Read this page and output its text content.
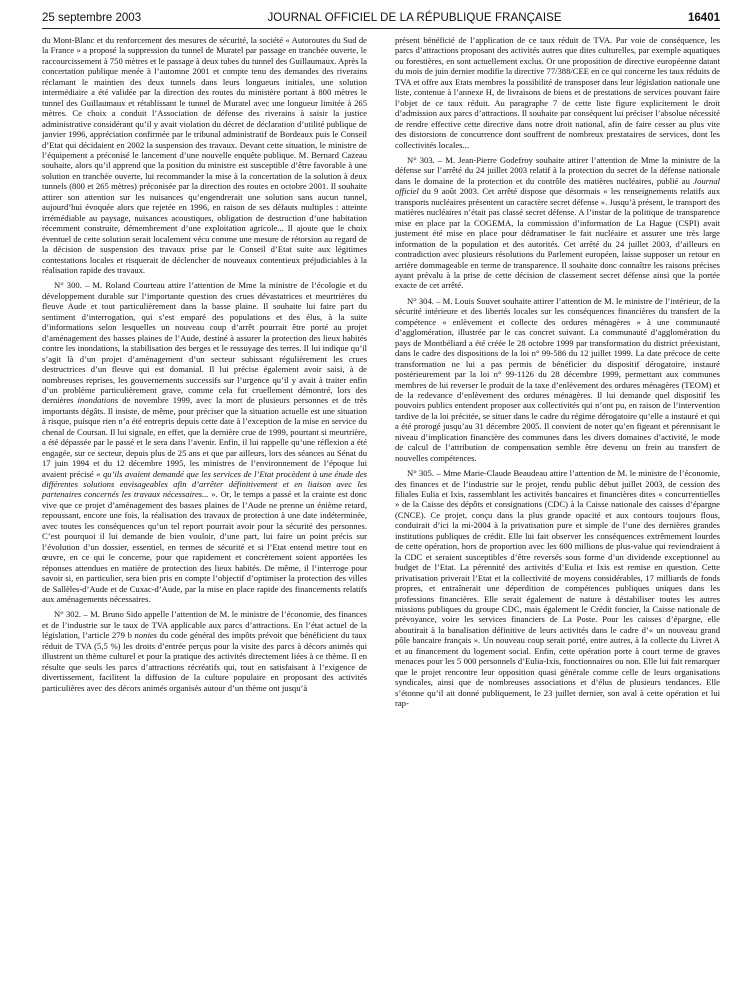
25 septembre 2003	JOURNAL OFFICIEL DE LA RÉPUBLIQUE FRANÇAISE	16401

du Mont-Blanc et du renforcement des mesures de sécurité, la société « Autoroutes du Sud de la France » a proposé la suppression du tunnel de Muratel par passage en tranchée ouverte, le raccourcissement à 750 mètres et le passage à deux tubes du tunnel des Guillaumaux. Après la concertation publique menée à l’automne 2001 et compte tenu des demandes des riverains réclamant le maintien des deux tunnels dans leurs longueurs initiales, une solution intermédiaire a été validée par la direction des routes du ministère portant à 800 mètres le tunnel des Guillaumaux et rétablissant le tunnel de Muratel avec une longueur limitée à 265 mètres. Ce choix a conduit l’Association de défense des riverains à saisir la justice administrative considérant qu’il y avait violation du décret de déclaration d’utilité publique de janvier 1996, appréciation confirmée par le tribunal administratif de Bordeaux puis le Conseil d’Etat qui décidaient en 2002 la suspension des travaux. Devant cette situation, le ministre de l’équipement a préconisé le lancement d’une nouvelle enquête publique. M. Bernard Cazeau souhaite, alors qu’il apprend que la position du ministre est susceptible d’être favorable à une solution en tranchée ouverte, lui recommander la mise à la concertation de la solution à deux tunnels (800 et 265 mètres) préconisée par la direction des routes en octobre 2001. Il souhaite attirer son attention sur les nuisances qu’engendrerait une solution sans aucun tunnel, aujourd’hui évoquée alors que rejetée en 1996, en raison de ses défauts multiples : atteinte irrémédiable au paysage, nuisances acoustiques, obligation de destruction d’une habitation récemment construite, démembrement d’une exploitation agricole... Il ajoute que le choix éventuel de cette solution serait localement vécu comme une mesure de rétorsion au regard de la décision de suspension des travaux prise par le Conseil d’Etat suite aux légitimes contestations locales et risquerait de déclencher de nouveaux contentieux préjudiciables à la réalisation rapide des travaux.

N° 300. – M. Roland Courteau attire l’attention de Mme la ministre de l’écologie et du développement durable sur l’importante question des crues dévastatrices et meurtrières du fleuve Aude et tout particulièrement dans la basse plaine. Il souhaite lui faire part du sentiment d’interrogation, qui s’est emparé des populations et des élus, à la suite d’informations selon lesquelles un nouveau coup d’arrêt pourrait être porté au projet d’aménagement des basses plaines de l’Aude, destiné à assurer la protection des lieux habités contre les inondations, la stabilisation des berges et le ressuyage des terres. Il lui indique qu’il s’agit là d’un projet d’aménagement d’un secteur subissant régulièrement les crues destructrices d’un fleuve qui est domanial. Il lui précise également avoir saisi, à de nombreuses reprises, les gouvernements successifs sur l’urgence qu’il y avait à traiter enfin d’un problème particulièrement grave, comme cela fut cruellement démontré, lors des dernières inondations de novembre 1999, avec la mort de plusieurs personnes et de très importants dégâts. Il insiste, de même, pour préciser que la situation actuelle est une situation à risque, puisque rien n’a été entrepris depuis cette date à l’exception de la mise en service du chenal de Coursan. Il lui signale, en effet, que la dernière crue de 1999, pourtant si meurtrière, a été dépassée par le passé et le sera dans l’avenir. Enfin, il lui rappelle qu’une réflexion a été engagée, sur ce secteur, depuis plus de 25 ans et que par ailleurs, lors des séances au Sénat du 17 juin 1994 et du 12 décembre 1995, les ministres de l’environnement de l’époque lui avaient précisé « qu’ils avaient demandé que les services de l’Etat procèdent à une étude des différentes solutions envisageables afin d’arrêter définitivement et en liaison avec les partenaires concernés les travaux nécessaires... ». Or, le temps a passé et la crainte est donc vive que ce projet d’aménagement des basses plaines de l’Aude ne prenne un énième retard, repoussant, encore une fois, la réalisation des travaux de protection à une date indéterminée, avec toutes les conséquences qu’un tel report pourrait avoir pour la sécurité des personnes. C’est pourquoi il lui demande de bien vouloir, d’une part, lui faire un point précis sur l’évolution d’un dossier, essentiel, en termes de sécurité et si l’Etat entend mettre tout en œuvre, en ce qui le concerne, pour que rapidement et concrètement soient apportées les réponses attendues en matière de protection des lieux habités. De même, il l’interroge pour savoir si, en particulier, sera bien pris en compte l’objectif d’optimiser la protection des villes de Sallèles-d’Aude et de Cuxac-d’Aude, par la mise en place rapide des financements relatifs aux aménagements nécessaires.

N° 302. – M. Bruno Sido appelle l’attention de M. le ministre de l’économie, des finances et de l’industrie sur le taux de TVA applicable aux parcs d’attractions. En l’état actuel de la législation, l’article 279 b nonies du code général des impôts prévoit que bénéficient du taux réduit de TVA (5,5 %) les droits d’entrée perçus pour la visite des parcs à décors animés qui illustrent un thème culturel et pour la pratique des activités directement liées à ce thème. Il en résulte que seuls les parcs d’attractions récréatifs qui, tout en satisfaisant à l’exigence de divertissement, facilitent la diffusion de la culture populaire en proposant des activités particulières avec des décors animés organisés autour d’un thème ont jusqu’à

présent bénéficié de l’application de ce taux réduit de TVA. Par voie de conséquence, les parcs d’attractions proposant des activités autres que dites culturelles, par exemple aquatiques ou forestières, en sont actuellement exclus. Or une proposition de directive européenne datant du mois de juin dernier modifie la directive 77/388/CEE en ce qui concerne les taux réduits de TVA et offre aux Etats membres la possibilité de transposer dans leur législation nationale une liste, contenue à l’annexe H, de livraisons de biens et de prestations de services pouvant faire l’objet de ce taux réduit. Au paragraphe 7 de cette liste figure explicitement le droit d’admission aux parcs d’attractions. Il souhaite par conséquent lui préciser l’absolue nécessité de rendre effective cette directive dans notre droit national, afin de faire cesser au plus vite des distorsions de concurrence dont souffrent de nombreux prestataires de services, dont les collectivités locales...

N° 303. – M. Jean-Pierre Godefroy souhaite attirer l’attention de Mme la ministre de la défense sur l’arrêté du 24 juillet 2003 relatif à la protection du secret de la défense nationale dans le domaine de la protection et du contrôle des matières nucléaires, publié au Journal officiel du 9 août 2003. Cet arrêté dispose que désormais « les renseignements relatifs aux transports nucléaires présentent un caractère secret défense ». Jusqu’à présent, le transport des matières nucléaires n’était pas classé secret défense. A l’instar de la politique de transparence mise en place par la COGEMA, la commission d’information de La Hague (CSPI) avait justement été mise en place pour dédramatiser le fait nucléaire et assurer une très large information de la population et des autorités. Cet arrêté du 24 juillet 2003, d’ailleurs en contradiction avec plusieurs résolutions du Parlement européen, laisse supposer un retour en arrière dommageable en terme de transparence. Il souhaite donc connaître les raisons précises ayant prévalu à la prise de cette décision de classement secret défense ainsi que la portée exacte de cet arrêté.

N° 304. – M. Louis Souvet souhaite attirer l’attention de M. le ministre de l’intérieur, de la sécurité intérieure et des libertés locales sur les conséquences financières du transfert de la compétence « enlèvement et collecte des ordures ménagères » à une communauté d’agglomération, illustrée par le cas concret suivant. La communauté d’agglomération du pays de Montbéliard a été créée le 28 octobre 1999 par transformation du district préexistant, dans le cadre des dispositions de la loi n° 99-586 du 12 juillet 1999. La date précoce de cette transformation ne lui a pas permis de bénéficier du dispositif dérogatoire, instauré postérieurement par la loi n° 99-1126 du 28 décembre 1999, permettant aux communes membres de lui reverser le produit de la taxe d’enlèvement des ordures ménagères (TEOM) et de la redevance d’enlèvement des ordures ménagères. Il lui demande quel dispositif les pouvoirs publics entendent proposer aux collectivités qui n’ont pu, en raison de l’intervention tardive de la loi précitée, se situer dans le cadre du régime dérogatoire qu’elle a instauré et qui a été prorogé jusqu’au 31 décembre 2005. Il convient de noter qu’en figeant et pérennisant le niveau d’implication financière des communes dans les divers domaines d’activité, le mode de calcul de l’attribution de compensation semble être devenu un frein au transfert de nouvelles compétences.

N° 305. – Mme Marie-Claude Beaudeau attire l’attention de M. le ministre de l’économie, des finances et de l’industrie sur le projet, rendu public début juillet 2003, de cession des filiales Eulia et Ixis, rassemblant les activités bancaires et financières dites « concurrentielles » de la Caisse des dépôts et consignations (CDC) à la Caisse nationale des caisses d’épargne (CNCE). Ce projet, conçu dans la plus grande opacité et aux contours toujours flous, conduirait d’ici la mi-2004 à la privatisation pure et simple de l’une des dernières grandes institutions publiques de crédit. Elle lui fait observer les conséquences extrêmement lourdes de cette opération, hors de proportion avec les 600 millions de plus-value qui reviendraient à la CDC et seraient susceptibles d’être reversés sous forme d’un dividende exceptionnel au budget de l’Etat. La pérennité des activités d’Eulia et Ixis est remise en question. Cette privatisation priverait l’Etat et la collectivité de moyens considérables, 17 milliards de fonds propres, et entraînerait une déperdition de compétences publiques uniques dans les professions financières. Elle serait également de nature à déstabiliser toutes les autres missions publiques du groupe CDC, mais également le Crédit foncier, la Caisse nationale de prévoyance, voire les services financiers de La Poste. Pour les caisses d’épargne, elle aboutirait à la banalisation définitive de leurs activités dans le cadre d’« un nouveau grand pôle bancaire français ». Un nouveau coup serait porté, entre autres, à la collecte du Livret A et au financement du logement social. Enfin, cette opération porte à court terme de graves menaces pour les 5 000 personnels d’Eulia-Ixis, fonctionnaires ou non. Elle lui fait remarquer que le projet rencontre leur opposition quasi générale comme celle de leurs organisations syndicales, ainsi que de nombreuses associations et d’élus de plusieurs tendances. Elle s’étonne qu’il ait donné publiquement, le 23 juillet dernier, son aval à cette opération et lui rap-
